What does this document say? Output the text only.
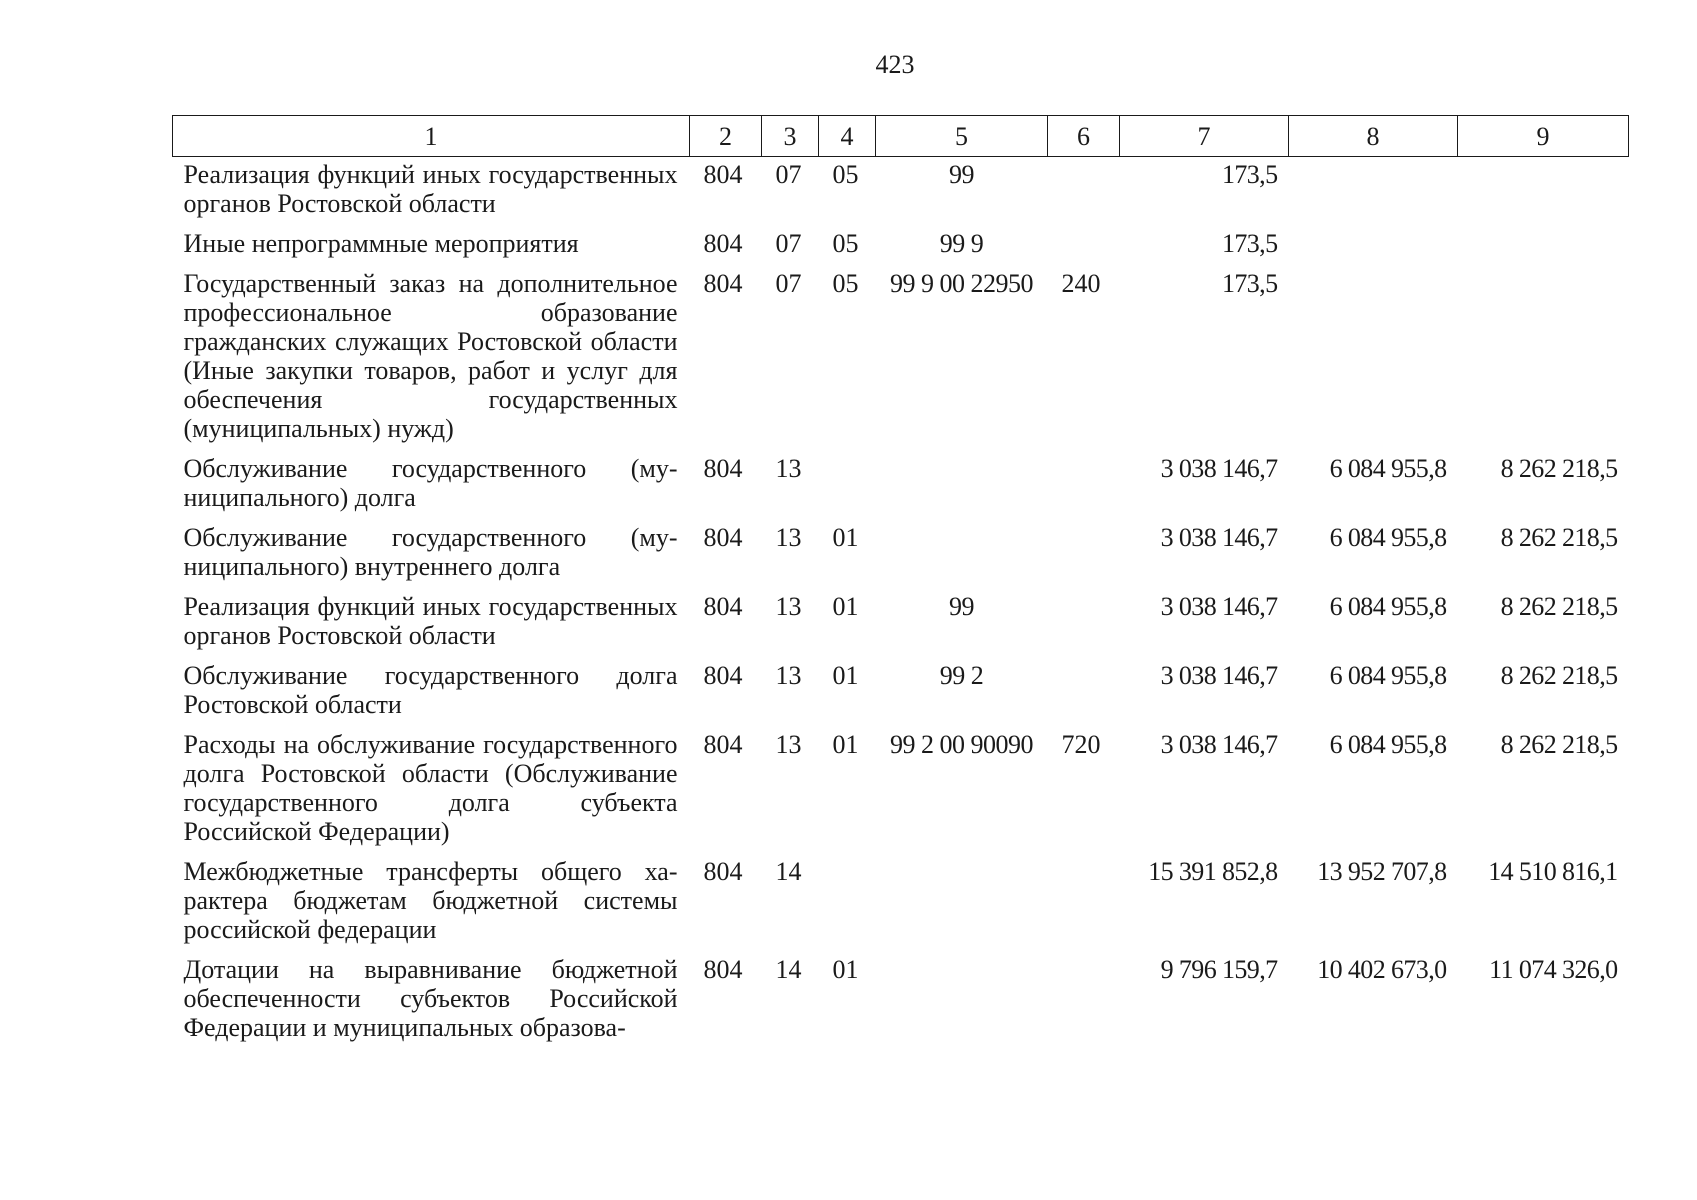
423
1	2	3	4	5	6	7	8	9
Реализация функций иных государственных органов Ростовской области	804	07	05	99		173,5		
Иные непрограммные мероприятия	804	07	05	99 9		173,5		
Государственный заказ на дополнительное профессиональное образование гражданских служащих Ростовской области (Иные закупки товаров, работ и услуг для обеспечения государственных (муниципальных) нужд)	804	07	05	99 9 00 22950	240	173,5		
Обслуживание государственного (муниципального) долга	804	13				3 038 146,7	6 084 955,8	8 262 218,5
Обслуживание государственного (муниципального) внутреннего долга	804	13	01			3 038 146,7	6 084 955,8	8 262 218,5
Реализация функций иных государственных органов Ростовской области	804	13	01	99		3 038 146,7	6 084 955,8	8 262 218,5
Обслуживание государственного долга Ростовской области	804	13	01	99 2		3 038 146,7	6 084 955,8	8 262 218,5
Расходы на обслуживание государственного долга Ростовской области (Обслуживание государственного долга субъекта Российской Федерации)	804	13	01	99 2 00 90090	720	3 038 146,7	6 084 955,8	8 262 218,5
Межбюджетные трансферты общего характера бюджетам бюджетной системы российской федерации	804	14				15 391 852,8	13 952 707,8	14 510 816,1
Дотации на выравнивание бюджетной обеспеченности субъектов Российской Федерации и муниципальных образова-	804	14	01			9 796 159,7	10 402 673,0	11 074 326,0
